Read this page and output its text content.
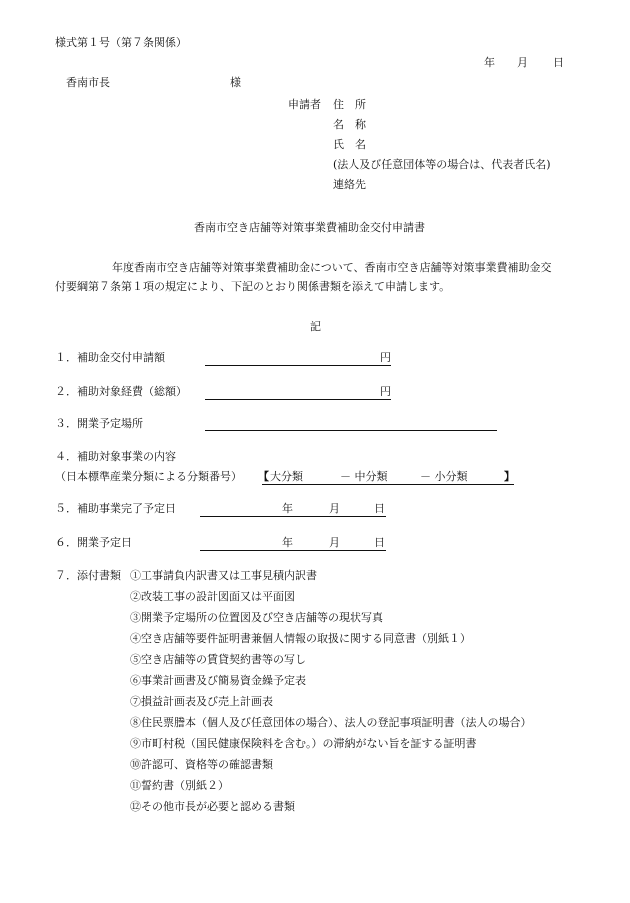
様式第１号（第７条関係）
年 月 日
香南市長	様
申請者 住　所
名　称
氏　名
(法人及び任意団体等の場合は、代表者氏名)
連絡先
香南市空き店舗等対策事業費補助金交付申請書
年度香南市空き店舗等対策事業費補助金について、香南市空き店舗等対策事業費補助金交
付要綱第７条第１項の規定により、下記のとおり関係書類を添えて申請します。
記
１．補助金交付申請額	円
２．補助対象経費（総額）	円
３．開業予定場所
４．補助対象事業の内容
（日本標準産業分類による分類番号） 【 大分類	－ 中分類	－ 小分類	】
５．補助事業完了予定日	年	月	日
６．開業予定日	年	月	日
７．添付書類 ①工事請負内訳書又は工事見積内訳書
②改装工事の設計図面又は平面図
③開業予定場所の位置図及び空き店舗等の現状写真
④空き店舗等要件証明書兼個人情報の取扱に関する同意書（別紙１）
⑤空き店舗等の賃貸契約書等の写し
⑥事業計画書及び簡易資金繰予定表
⑦損益計画表及び売上計画表
⑧住民票謄本（個人及び任意団体の場合）、法人の登記事項証明書（法人の場合）
⑨市町村税（国民健康保険料を含む。）の滞納がない旨を証する証明書
⑩許認可、資格等の確認書類
⑪誓約書（別紙２）
⑫その他市長が必要と認める書類
